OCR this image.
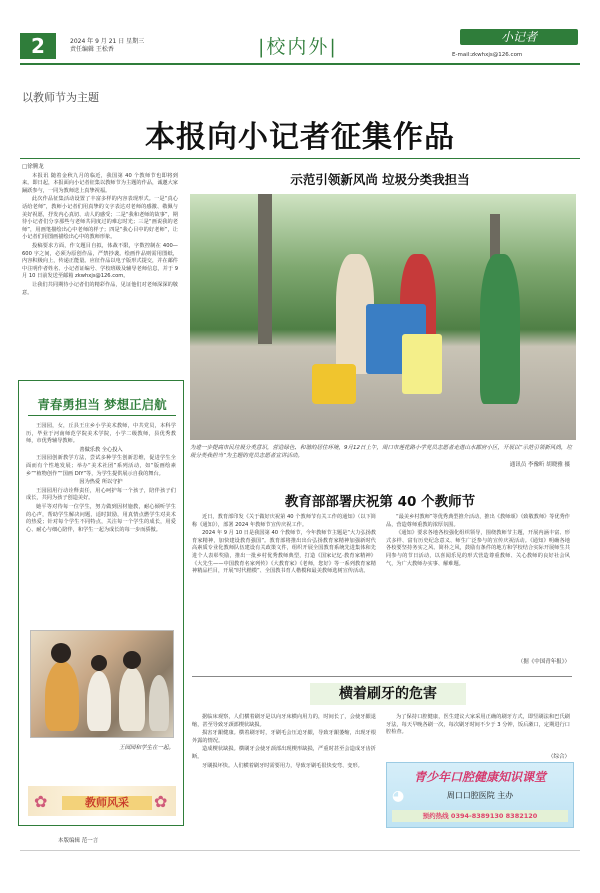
2	2024 年 9 月 21 日 星期三
责任编辑 王松香
|	校内外 |	小记者
E-mail:zkwhxjs@126.com
以教师节为主题
本报向小记者征集作品

□徐腾龙

本报讯 随着金秋九月的临近，我国第 40 个教师节也即将到来。即日起，本报面向小记者征集以教师节为主题的作品，诚邀大家踊跃参与，一同为教师送上真挚祝福。

此次作品征集活动设置了丰富多样的内容表现形式。一是“真心话给老师”，教师小记者们用真挚的文字表达对老师的感激、敬佩与美好祝愿，抒发内心真切、动人的感受；二是“我和老师的故事”，期待小记者们分享那些与老师共同度过的难忘时光；三是“画说我的老师”，用画笔描绘出心中老师的样子；四是“我心目中的好老师”，让小记者们用图画描绘出心中的教师形象。

投稿要求方面，作文题目自拟，体裁不限，字数控制在 400—600 字之间，必须为原创作品，严禁抄袭。绘画作品则需用图纸，内容积极向上，传递正能量。应征作品以电子版形式提交，并在邮件中注明作者姓名、小记者证编号、学校班级及辅导老师信息，并于 9 月 10 日前发送至邮箱 zkwhxjs@126.com。

让我们共同期待小记者们的精彩作品，见证他们对老师深深的敬意。

青春勇担当 梦想正启航

王园园，女，丘县王庄乡小学美术教师，中共党员，本科学历，毕业于河南师范学院美术学院，小学二级教师，县优秀教师，市优秀辅导教师。

善做乐教 全心投入

王园园创新教学方法，尝试多种学生创新思维，促进学生全面而有个性地发展；举办“美术社团”系列活动，如“版画绘素乡”“植物创作”“国画 DIY”等，为学生提供展示自我的舞台。

因为热爱 所以守护

王园园用行动诠释责任，用心呵护每一个孩子，陪伴孩子们成长，共同为孩子创造美好。

她平等对待每一位学生，努力做到因材施教，耐心倾听学生的心声，帮助学生解决问题，适时鼓励，用真情点燃学生对美术的热爱；针对每个学生不同特点，关注每一个学生的成长，用爱心、耐心与细心陪伴，和学生一起为成长的每一步而骄傲。

王园园和学生在一起。
✿	✿
教师风采
本版编辑 范一言
示范引领新风尚 垃圾分类我担当
为进一步提高市民垃圾分类意识，营造绿色、和谐的居住环境，9月12日上午，周口市莲花路小学党员志愿者走进山水郡府小区，开展以“示范引领新风尚，垃圾分类我担当”为主题的党员志愿者宣讲活动。
通讯员 李豫昕 胡晓雅 摄
教育部部署庆祝第 40 个教师节

近日，教育部印发《关于做好庆祝第 40 个教师节有关工作的通知》（以下简称《通知》），部署 2024 年教师节宣传庆祝工作。

2024 年 9 月 10 日是我国第 40 个教师节，今年教师节主题是“大力弘扬教育家精神，加快建设教育强国”。教育部将推出出台弘扬教育家精神加强新时代高素质专业化教师队伍建设有关政策文件，组织开展全国教育系统先进集体和先进个人表彰奖励，推出一批乡村优秀教师典型，打造《国家记忆·教育家精神》《大先生——中国教育名家列传》《大教育家》《老师，您好》等一系列教育家精神精品栏目，开展“时代楷模”、全国教书育人楷模和最美教师选树宣传活动。

“最美乡村教师”等优秀典型推介活动，推出《教师颂》《致敬教师》等优秀作品，营造尊师重教的浓厚氛围。

《通知》要求各地各校强化组织领导，围绕教师节主题，开展内涵丰富、形式多样、富有历史纪念意义、师生广泛参与的宣传庆祝活动。《通知》明确各地各校要坚持务实之风、简朴之风，鼓励有条件的地方和学校结合实际开展师生共同参与的节日活动，以喜闻乐见的形式营造尊重教师、关心教师的良好社会风气，为广大教师办实事、解难题。

（据《中国青年报》）
横着刷牙的危害

据临床观察，人们横着刷牙是以向牙床横向用力的，时间长了，会使牙龈退缩，甚至导致牙颈部楔状缺损。

损害牙龈健康。横着刷牙时，牙刷毛会压迫牙龈，导致牙龈萎缩，出现牙根外露的情况。

造成楔状缺损。横刷牙会使牙颈部出现楔形缺损，严重时甚至会造成牙齿折断。

牙刷损坏快。人们横着刷牙时需要用力，导致牙刷毛很快变弯、变形。

为了保持口腔健康，医生建议大家采用正确的刷牙方式，即竖刷法和巴氏刷牙法，每天早晚各刷一次，每次刷牙时间不少于 3 分钟，饭后漱口，定期进行口腔检查。

（综合）
青少年口腔健康知识课堂
◕	周口口腔医院 主办
预约热线 0394-8389130 8382120
